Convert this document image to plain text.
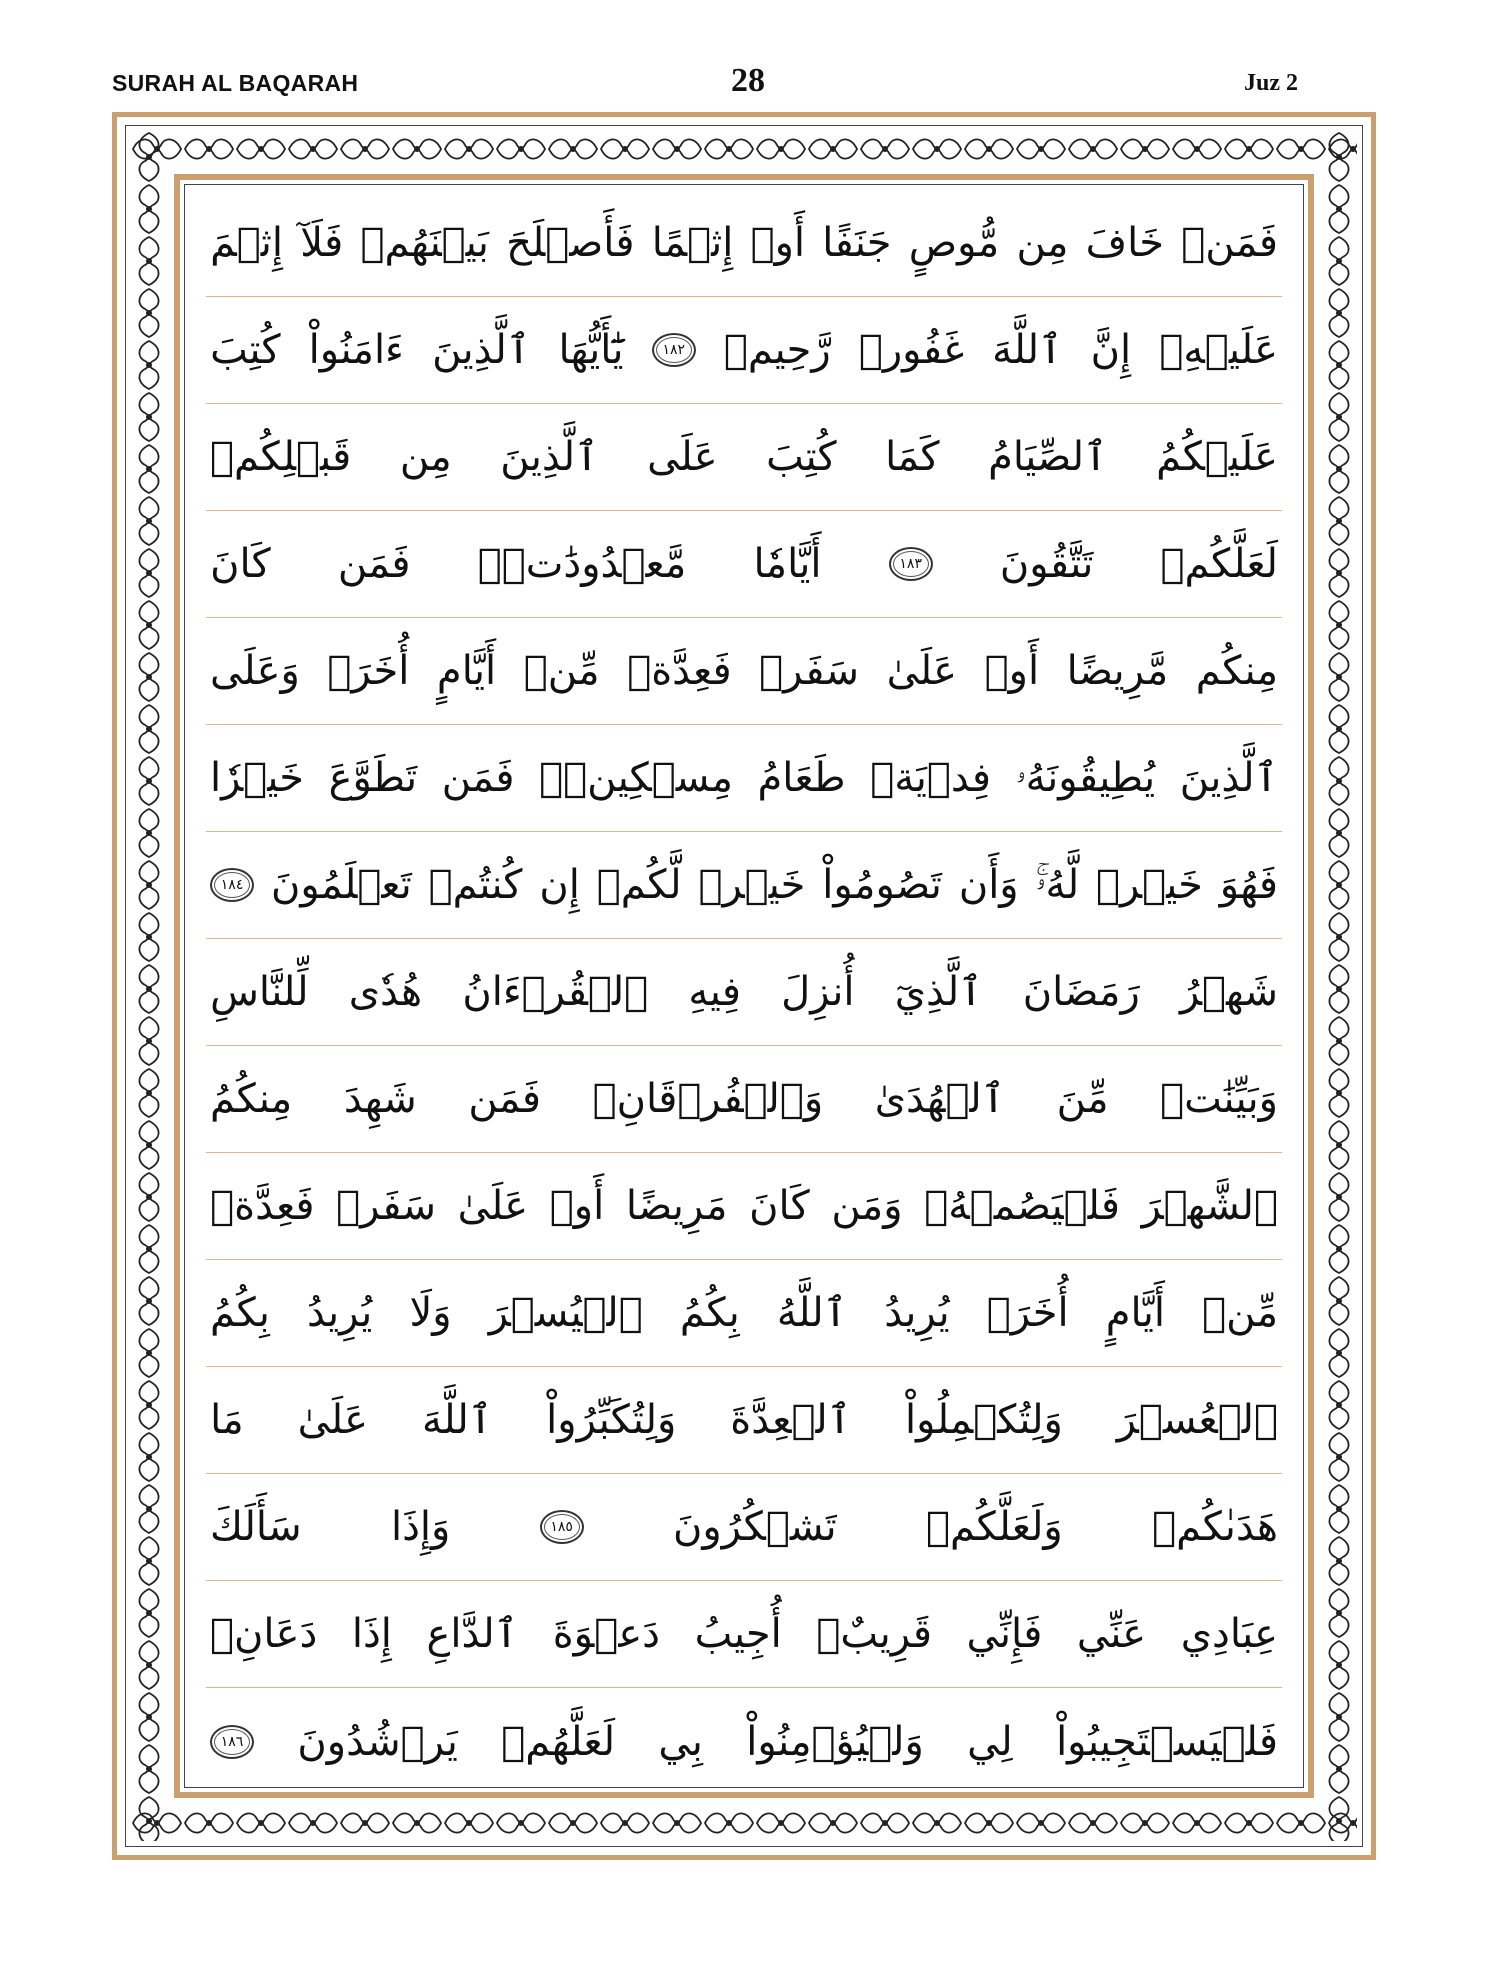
SURAH AL BAQARAH	28	Juz 2
فَمَنۡ
خَافَ
مِن
مُّوصٍ
جَنَفًا
أَوۡ
إِثۡمًا
فَأَصۡلَحَ
بَيۡنَهُمۡ
فَلَآ
إِثۡمَ
عَلَيۡهِۚ
إِنَّ
ٱللَّهَ
غَفُورٞ
رَّحِيمٞ
١٨٢
يَٰٓأَيُّهَا
ٱلَّذِينَ
ءَامَنُواْ
كُتِبَ
عَلَيۡكُمُ
ٱلصِّيَامُ
كَمَا
كُتِبَ
عَلَى
ٱلَّذِينَ
مِن
قَبۡلِكُمۡ
لَعَلَّكُمۡ
تَتَّقُونَ
١٨٣
أَيَّامٗا
مَّعۡدُودَٰتٖۚ
فَمَن
كَانَ
مِنكُم
مَّرِيضًا
أَوۡ
عَلَىٰ
سَفَرٖ
فَعِدَّةٞ
مِّنۡ
أَيَّامٍ
أُخَرَۚ
وَعَلَى
ٱلَّذِينَ
يُطِيقُونَهُۥ
فِدۡيَةٞ
طَعَامُ
مِسۡكِينٖۖ
فَمَن
تَطَوَّعَ
خَيۡرٗا
فَهُوَ
خَيۡرٞ
لَّهُۥۚ
وَأَن
تَصُومُواْ
خَيۡرٞ
لَّكُمۡ
إِن
كُنتُمۡ
تَعۡلَمُونَ
١٨٤
شَهۡرُ
رَمَضَانَ
ٱلَّذِيٓ
أُنزِلَ
فِيهِ
ٱلۡقُرۡءَانُ
هُدٗى
لِّلنَّاسِ
وَبَيِّنَٰتٖ
مِّنَ
ٱلۡهُدَىٰ
وَٱلۡفُرۡقَانِۚ
فَمَن
شَهِدَ
مِنكُمُ
ٱلشَّهۡرَ
فَلۡيَصُمۡهُۖ
وَمَن
كَانَ
مَرِيضًا
أَوۡ
عَلَىٰ
سَفَرٖ
فَعِدَّةٞ
مِّنۡ
أَيَّامٍ
أُخَرَۗ
يُرِيدُ
ٱللَّهُ
بِكُمُ
ٱلۡيُسۡرَ
وَلَا
يُرِيدُ
بِكُمُ
ٱلۡعُسۡرَ
وَلِتُكۡمِلُواْ
ٱلۡعِدَّةَ
وَلِتُكَبِّرُواْ
ٱللَّهَ
عَلَىٰ
مَا
هَدَىٰكُمۡ
وَلَعَلَّكُمۡ
تَشۡكُرُونَ
١٨٥
وَإِذَا
سَأَلَكَ
عِبَادِي
عَنِّي
فَإِنِّي
قَرِيبٌۖ
أُجِيبُ
دَعۡوَةَ
ٱلدَّاعِ
إِذَا
دَعَانِۖ
فَلۡيَسۡتَجِيبُواْ
لِي
وَلۡيُؤۡمِنُواْ
بِي
لَعَلَّهُمۡ
يَرۡشُدُونَ
١٨٦
